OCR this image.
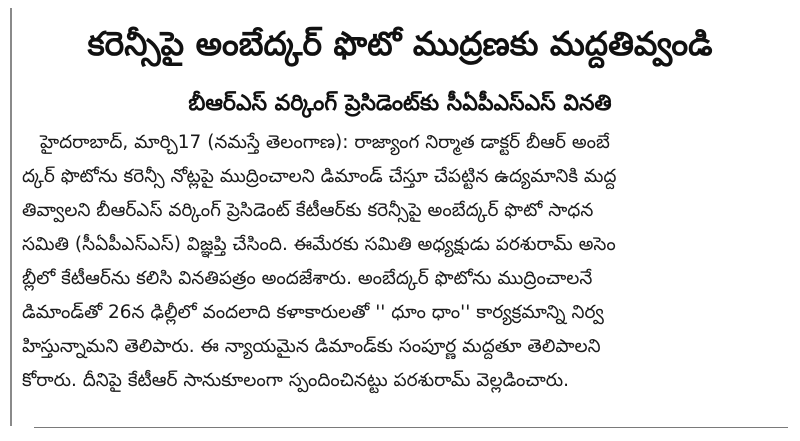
కరెన్సీపై అంబేద్కర్‌ ఫొటో ముద్రణకు మద్దతివ్వండి
బీఆర్‌ఎస్‌ వర్కింగ్‌ ప్రెసిడెంట్‌కు సీఏపీఎస్‌ఎస్‌ వినతి
హైదరాబాద్‌, మార్చి17 (నమస్తే తెలంగాణ): రాజ్యాంగ నిర్మాత డాక్టర్‌ బీఆర్‌ అంబే
ద్కర్‌ ఫొటోను కరెన్సీ నోట్లపై ముద్రించాలని డిమాండ్‌ చేస్తూ చేపట్టిన ఉద్యమానికి మద్ద
తివ్వాలని బీఆర్‌ఎస్‌ వర్కింగ్‌ ప్రెసిడెంట్‌ కేటీఆర్‌కు కరెన్సీపై అంబేద్కర్‌ ఫొటో సాధన
సమితి (సీఏపీఎస్‌ఎస్‌) విజ్ఞప్తి చేసింది. ఈమేరకు సమితి అధ్యక్షుడు పరశురామ్‌ అసెం
బ్లీలో కేటీఆర్‌ను కలిసి వినతిపత్రం అందజేశారు. అంబేద్కర్‌ ఫొటోను ముద్రించాలనే
డిమాండ్‌తో 26న ఢిల్లీలో వందలాది కళాకారులతో '' ధూం ధాం'' కార్యక్రమాన్ని నిర్వ
హిస్తున్నామని తెలిపారు. ఈ న్యాయమైన డిమాండ్‌కు సంపూర్ణ మద్దతూ తెలిపాలని
కోరారు. దీనిపై కేటీఆర్‌ సానుకూలంగా స్పందించినట్టు పరశురామ్‌ వెల్లడించారు.
